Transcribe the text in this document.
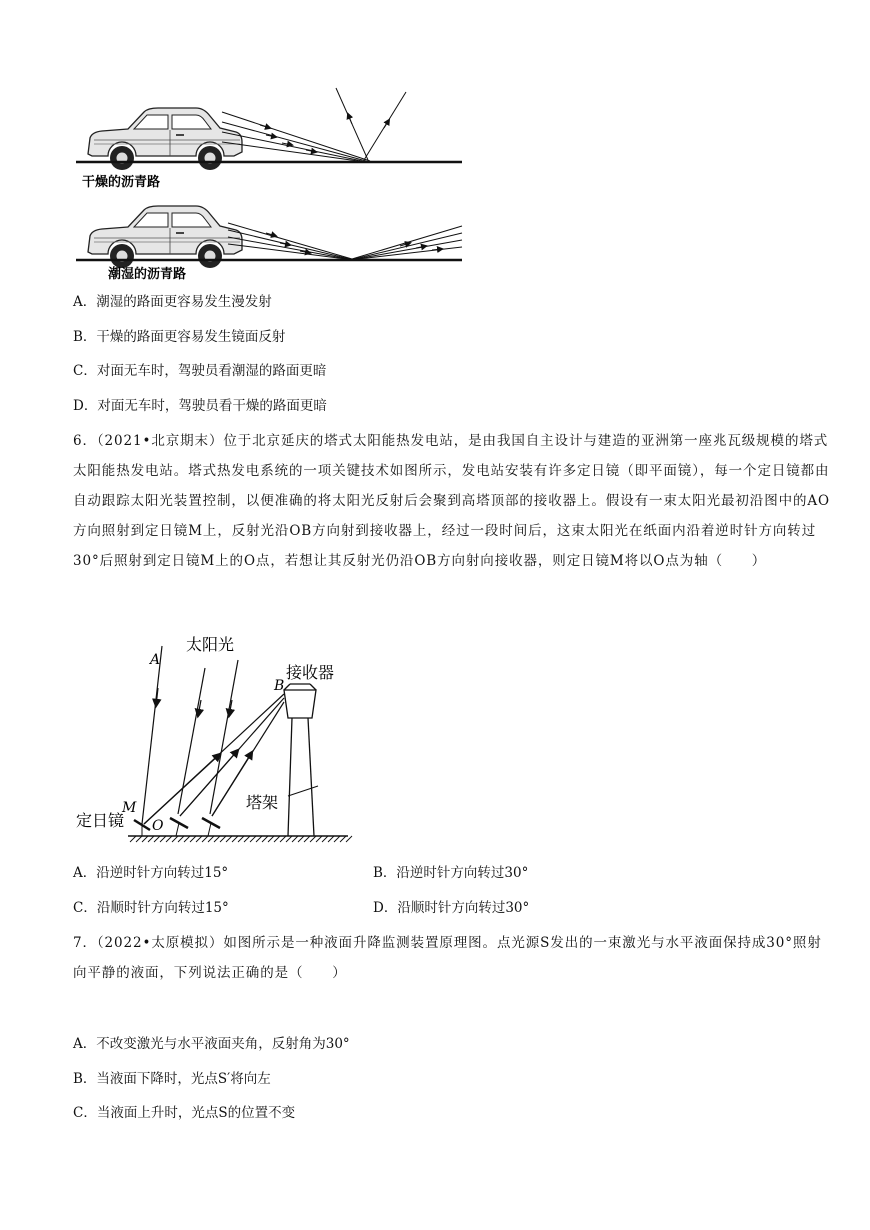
干燥的沥青路
潮湿的沥青路
A．潮湿的路面更容易发生漫发射
B．干燥的路面更容易发生镜面反射
C．对面无车时，驾驶员看潮湿的路面更暗
D．对面无车时，驾驶员看干燥的路面更暗
6．（2021•北京期末）位于北京延庆的塔式太阳能热发电站，是由我国自主设计与建造的亚洲第一座兆瓦级规模的塔式太阳能热发电站。塔式热发电系统的一项关键技术如图所示，发电站安装有许多定日镜（即平面镜），每一个定日镜都由自动跟踪太阳光装置控制，以便准确的将太阳光反射后会聚到高塔顶部的接收器上。假设有一束太阳光最初沿图中的AO方向照射到定日镜M上，反射光沿OB方向射到接收器上，经过一段时间后，这束太阳光在纸面内沿着逆时针方向转过30°后照射到定日镜M上的O点，若想让其反射光仍沿OB方向射向接收器，则定日镜M将以O点为轴（　　）
A
太阳光
B
接收器
塔架
M
O
定日镜
A．沿逆时针方向转过15°	B．沿逆时针方向转过30°
C．沿顺时针方向转过15°	D．沿顺时针方向转过30°
7．（2022•太原模拟）如图所示是一种液面升降监测装置原理图。点光源S发出的一束激光与水平液面保持成30°照射向平静的液面，下列说法正确的是（　　）
A．不改变激光与水平液面夹角，反射角为30°
B．当液面下降时，光点S′将向左
C．当液面上升时，光点S的位置不变
